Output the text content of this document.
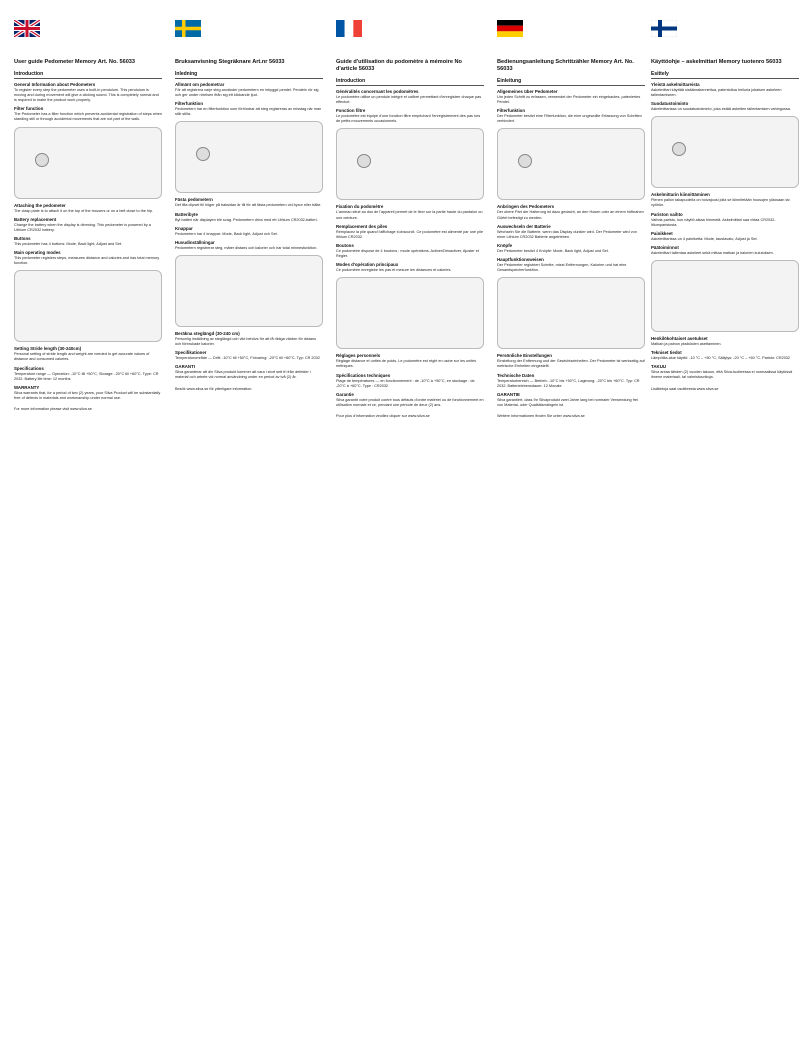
User guide Pedometer Memory Art. No. 56033
Introduction
General Information about Pedometers
To register every step the pedometer uses a built-in pendulum. This pendulum is moving and during movement will give a clicking sound. This is completely normal and is required to make the product work properly.
Filter function
The Pedometer has a filter function which prevents accidental registration of steps when standing still or through accidental movements that are not part of the walk.
Attaching the pedometer
The clasp plate is to attach it on the top of the trousers or on a belt close to the hip.
Battery replacement
Change the battery when the display is dimming. This pedometer is powered by a Lithium CR2032 battery.
Buttons
This pedometer has 4 buttons: Mode, Back light, Adjust and Set.
Main operating modes
This pedometer registers steps, measures distance and calories and has total memory function.
Setting Stride length (30-240cm)
Personal setting of stride length and weight are needed to get accurate values of distance and consumed calories.
Specifications
Temperature range — Operation: -10°C till +50°C, Storage: -20°C till +60°C. Type: CR 2032. Battery life time: 12 months
WARRANTY
Silva warrants that, for a period of two (2) years, your Silva Product will be substantially free of defects in materials and workmanship under normal use.
For more information please visit www.silva.se
Bruksanvisning Stegräknare Art.nr 56033
Inledning
Allmänt om pedometrar
För att registrera varje steg använder pedometern en inbyggd pendel. Pendeln rör sig och ger under rörelsen ifrån sig ett klickande ljud.
Filterfunktion
Pedometern har en filterfunktion som förhindrar att steg registreras av misstag när man står stilla.
Fästa pedometern
Det lilla clipset till höger på baksidan är till för att fästa pedometern vid byxor eller bälte.
Batteribyte
Byt batteri när displayen blir svag. Pedometern drivs med ett Lithium CR2032-batteri.
Knappar
Pedometern har 4 knappar: Mode, Back light, Adjust och Set.
Huvudinställningar
Pedometern registrerar steg, mäter distans och kalorier och har total minnesfunktion.
Beräkna steglängd (30-240 cm)
Personlig inställning av steglängd och vikt behövs för att få riktiga värden för distans och förbrukade kalorier.
Specifikationer
Temperaturområde — Drift: -10°C till +50°C, Förvaring: -20°C till +60°C. Typ: CR 2032
GARANTI
Silva garanterar att din Silva produkt kommer att vara i stort sett fri från defekter i material och arbete vid normal användning under en period av två (2) år.
Besök www.silva.se för ytterligare information.
Guide d'utilisation du podomètre à mémoire No d'article 56033
Introduction
Généralités concernant les podomètres
Le podomètre utilise un pendule intégré et calibré permettant d'enregistrer chaque pas effectué.
Fonction filtre
Le podomètre est équipé d'une fonction filtre empêchant l'enregistrement des pas lors de petits mouvements occasionnels.
Fixation du podomètre
L'anneau situé au dos de l'appareil permet de le fixer sur la partie haute du pantalon ou une ceinture.
Remplacement des piles
Remplacez la pile quand l'affichage s'obscurcit. Ce podomètre est alimenté par une pile lithium CR2032.
Boutons
Ce podomètre dispose de 4 boutons : mode opérations, Activer/Désactiver, Ajuster et Régler.
Modes d'opération principaux
Ce podomètre enregistre les pas et mesure les distances et calories.
Réglages personnels
Réglage distance et unités de poids. Le podomètre est réglé en usine sur les unités métriques.
Spécifications techniques
Plage de températures — en fonctionnement : de -10°C à +50°C, en stockage : de -20°C à +60°C. Type : CR2032
Garantie
Silva garantit votre produit contre tous défauts d'ordre matériel ou de fonctionnement en utilisation normale et ce, pendant une période de deux (2) ans.
Pour plus d'information veuillez cliquer sur www.silva.se
Bedienungsanleitung Schrittzähler Memory Art. No. 56033
Einleitung
Allgemeines über Pedometer
Um jeden Schritt zu erfassen, verwendet der Pedometer ein eingebautes, pateniertes Pendel.
Filterfunktion
Der Pedometer besitzt eine Filterfunktion, die eine ungewollte Erfassung von Schritten verhindert.
Anbringen des Pedometers
Der obere Part der Halterung ist dazu gedacht, an den Hosen oder an einem höftnahen Gürtel befestigt zu werden.
Auswechseln der Batterie
Wechseln Sie die Batterie, wenn das Display dunkler wird. Der Pedometer wird von einer Lithium CR2032 Batterie angetrieben.
Knöpfe
Der Pedometer besitzt 4 Knöpfe: Mode, Back light, Adjust und Set.
Hauptfunktionsweisen
Der Pedometer registriert Schritte, misst Entfernungen, Kalorien und hat eine Gesamtspeicherfunktion.
Persönliche Einstellungen
Einstellung der Entfernung und der Gewichtseinheiten. Der Pedometer ist werkseitig auf metrische Einheiten eingestellt.
Technische Daten
Temperaturbereich — Betrieb: -10°C bis +50°C, Lagerung: -20°C bis +60°C. Typ: CR 2032. Batterielebensdauer: 12 Monate
GARANTIE
Silva garantiert, dass Ihr Silvaprodukt zwei Jahre lang bei normaler Verwendung frei von Material- oder Qualitätsmängeln ist.
Weitere Informationen finden Sie unter www.silva.se
Käyttöohje – askelmittari Memory tuotenro 56033
Esittely
Yleistä askelmittareista
Askelmittari käyttää sisäänrakennettua, patentoitua heiluria jokaisen askeleen tallentamiseen.
Suodatustoiminto
Askelmittarissa on suodatustoiminto, joka estää askelten tallentamisen vahingossa.
Askelmittarin kiinnittäminen
Pienen pallon takapuolella on hoivajousi jolla se kiinnitetään housujen yläosaan tai vyöhön.
Pariston vaihto
Vaihda paristo, kun näyttö alkaa himmetä. Askelmittari saa virtaa CR2032-litiumparistosta.
Painikkeet
Askelmittarissa on 4 painiketta: Mode, taustavalo, Adjust ja Set.
Päätoiminnot
Askelmittari tallentaa askeleet sekä mittaa matkan ja kalorien kulutuksen.
Henkilökohtaiset asetukset
Matkan ja painon yksiköiden asettaminen.
Tekniset tiedot
Lämpötila-alue käyttö: -10 °C – +50 °C, Säilytys: -20 °C – +60 °C. Paristo: CR2032
TAKUU
Silva antaa tähden (2) vuoden takuun, että Silva-tuotteessa ei normaalissa käytössä ilmene materiaali- tai valmistusvikoja.
Lisätietoja saat osoitteesta www.silva.se
